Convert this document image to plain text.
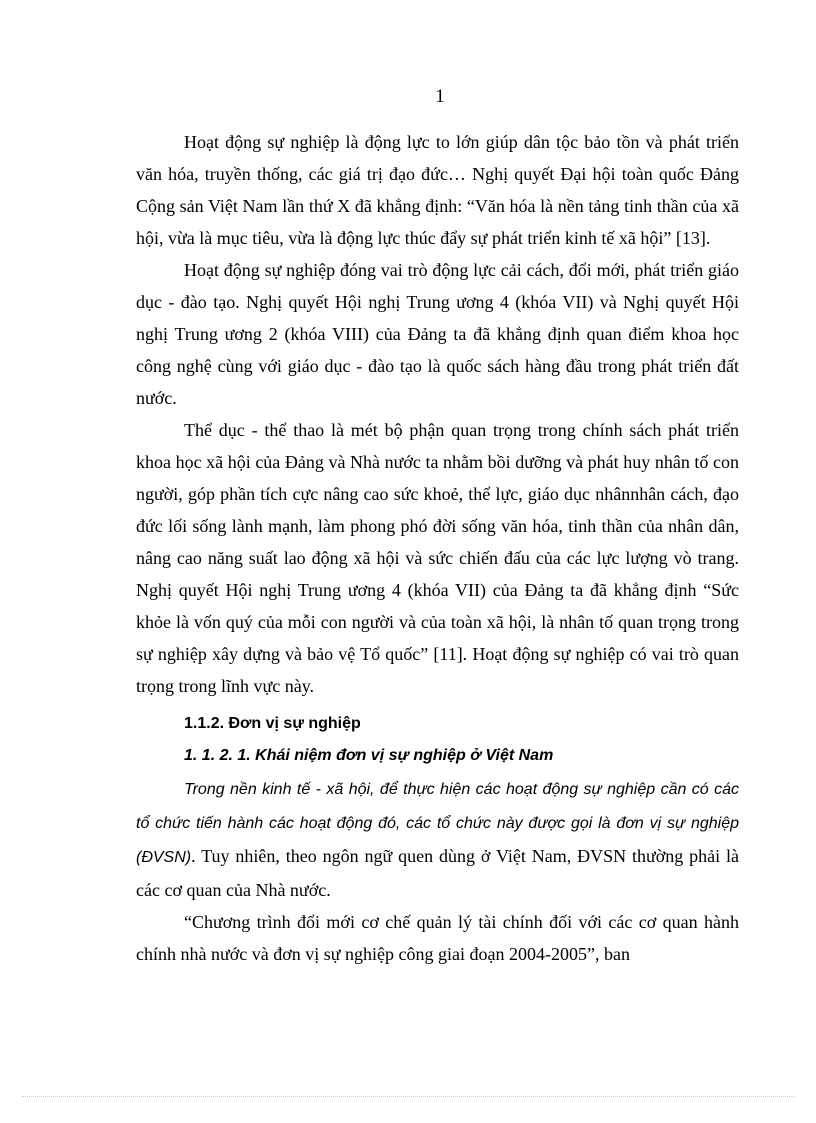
1

Hoạt động sự nghiệp là động lực to lớn giúp dân tộc bảo tồn và phát triển văn hóa, truyền thống, các giá trị đạo đức… Nghị quyết Đại hội toàn quốc Đảng Cộng sản Việt Nam lần thứ X đã khẳng định: “Văn hóa là nền tảng tinh thần của xã hội, vừa là mục tiêu, vừa là động lực thúc đẩy sự phát triển kinh tế xã hội” [13].

Hoạt động sự nghiệp đóng vai trò động lực cải cách, đổi mới, phát triển giáo dục - đào tạo. Nghị quyết Hội nghị Trung ương 4 (khóa VII) và Nghị quyết Hội nghị Trung ương 2 (khóa VIII) của Đảng ta đã khẳng định quan điểm khoa học công nghệ cùng với giáo dục - đào tạo là quốc sách hàng đầu trong phát triển đất nước.

Thể dục - thể thao là mét bộ phận quan trọng trong chính sách phát triển khoa học xã hội của Đảng và Nhà nước ta nhằm bồi dưỡng và phát huy nhân tố con người, góp phần tích cực nâng cao sức khoẻ, thể lực, giáo dục nhânnhân cách, đạo đức lối sống lành mạnh, làm phong phó đời sống văn hóa, tinh thần của nhân dân, nâng cao năng suất lao động xã hội và sức chiến đấu của các lực lượng vò trang. Nghị quyết Hội nghị Trung ương 4 (khóa VII) của Đảng ta đã khẳng định “Sức khỏe là vốn quý của mỗi con người và của toàn xã hội, là nhân tố quan trọng trong sự nghiệp xây dựng và bảo vệ Tổ quốc” [11]. Hoạt động sự nghiệp có vai trò quan trọng trong lĩnh vực này.

1.1.2. Đơn vị sự nghiệp

1. 1. 2. 1. Khái niệm đơn vị sự nghiệp ở Việt Nam

Trong nền kinh tế - xã hội, để thực hiện các hoạt động sự nghiệp cần có các tổ chức tiến hành các hoạt động đó, các tổ chức này được gọi là đơn vị sự nghiệp (ĐVSN). Tuy nhiên, theo ngôn ngữ quen dùng ở Việt Nam, ĐVSN thường phải là các cơ quan của Nhà nước.

“Chương trình đổi mới cơ chế quản lý tài chính đối với các cơ quan hành chính nhà nước và đơn vị sự nghiệp công giai đoạn 2004-2005”, ban
